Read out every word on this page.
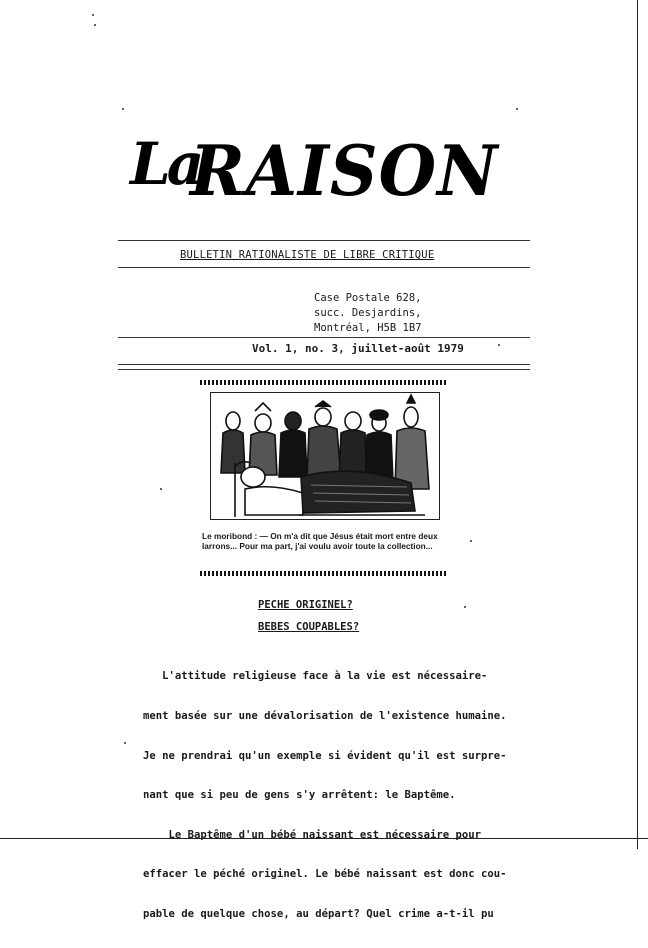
La
RAISON
BULLETIN RATIONALISTE DE LIBRE CRITIQUE
Case Postale 628,
succ. Desjardins,
Montréal, H5B 1B7
Vol. 1, no. 3, juillet-août 1979
Le moribond : — On m'a dit que Jésus était mort entre deux larrons... Pour ma part, j'ai voulu avoir toute la collection...
PECHE ORIGINEL?
BEBES COUPABLES?

L'attitude religieuse face à la vie est nécessaire-

ment basée sur une dévalorisation de l'existence humaine.

Je ne prendrai qu'un exemple si évident qu'il est surpre-

nant que si peu de gens s'y arrêtent: le Baptême.

Le Baptême d'un bébé naissant est nécessaire pour

effacer le péché originel. Le bébé naissant est donc cou-

pable de quelque chose, au départ? Quel crime a-t-il pu
